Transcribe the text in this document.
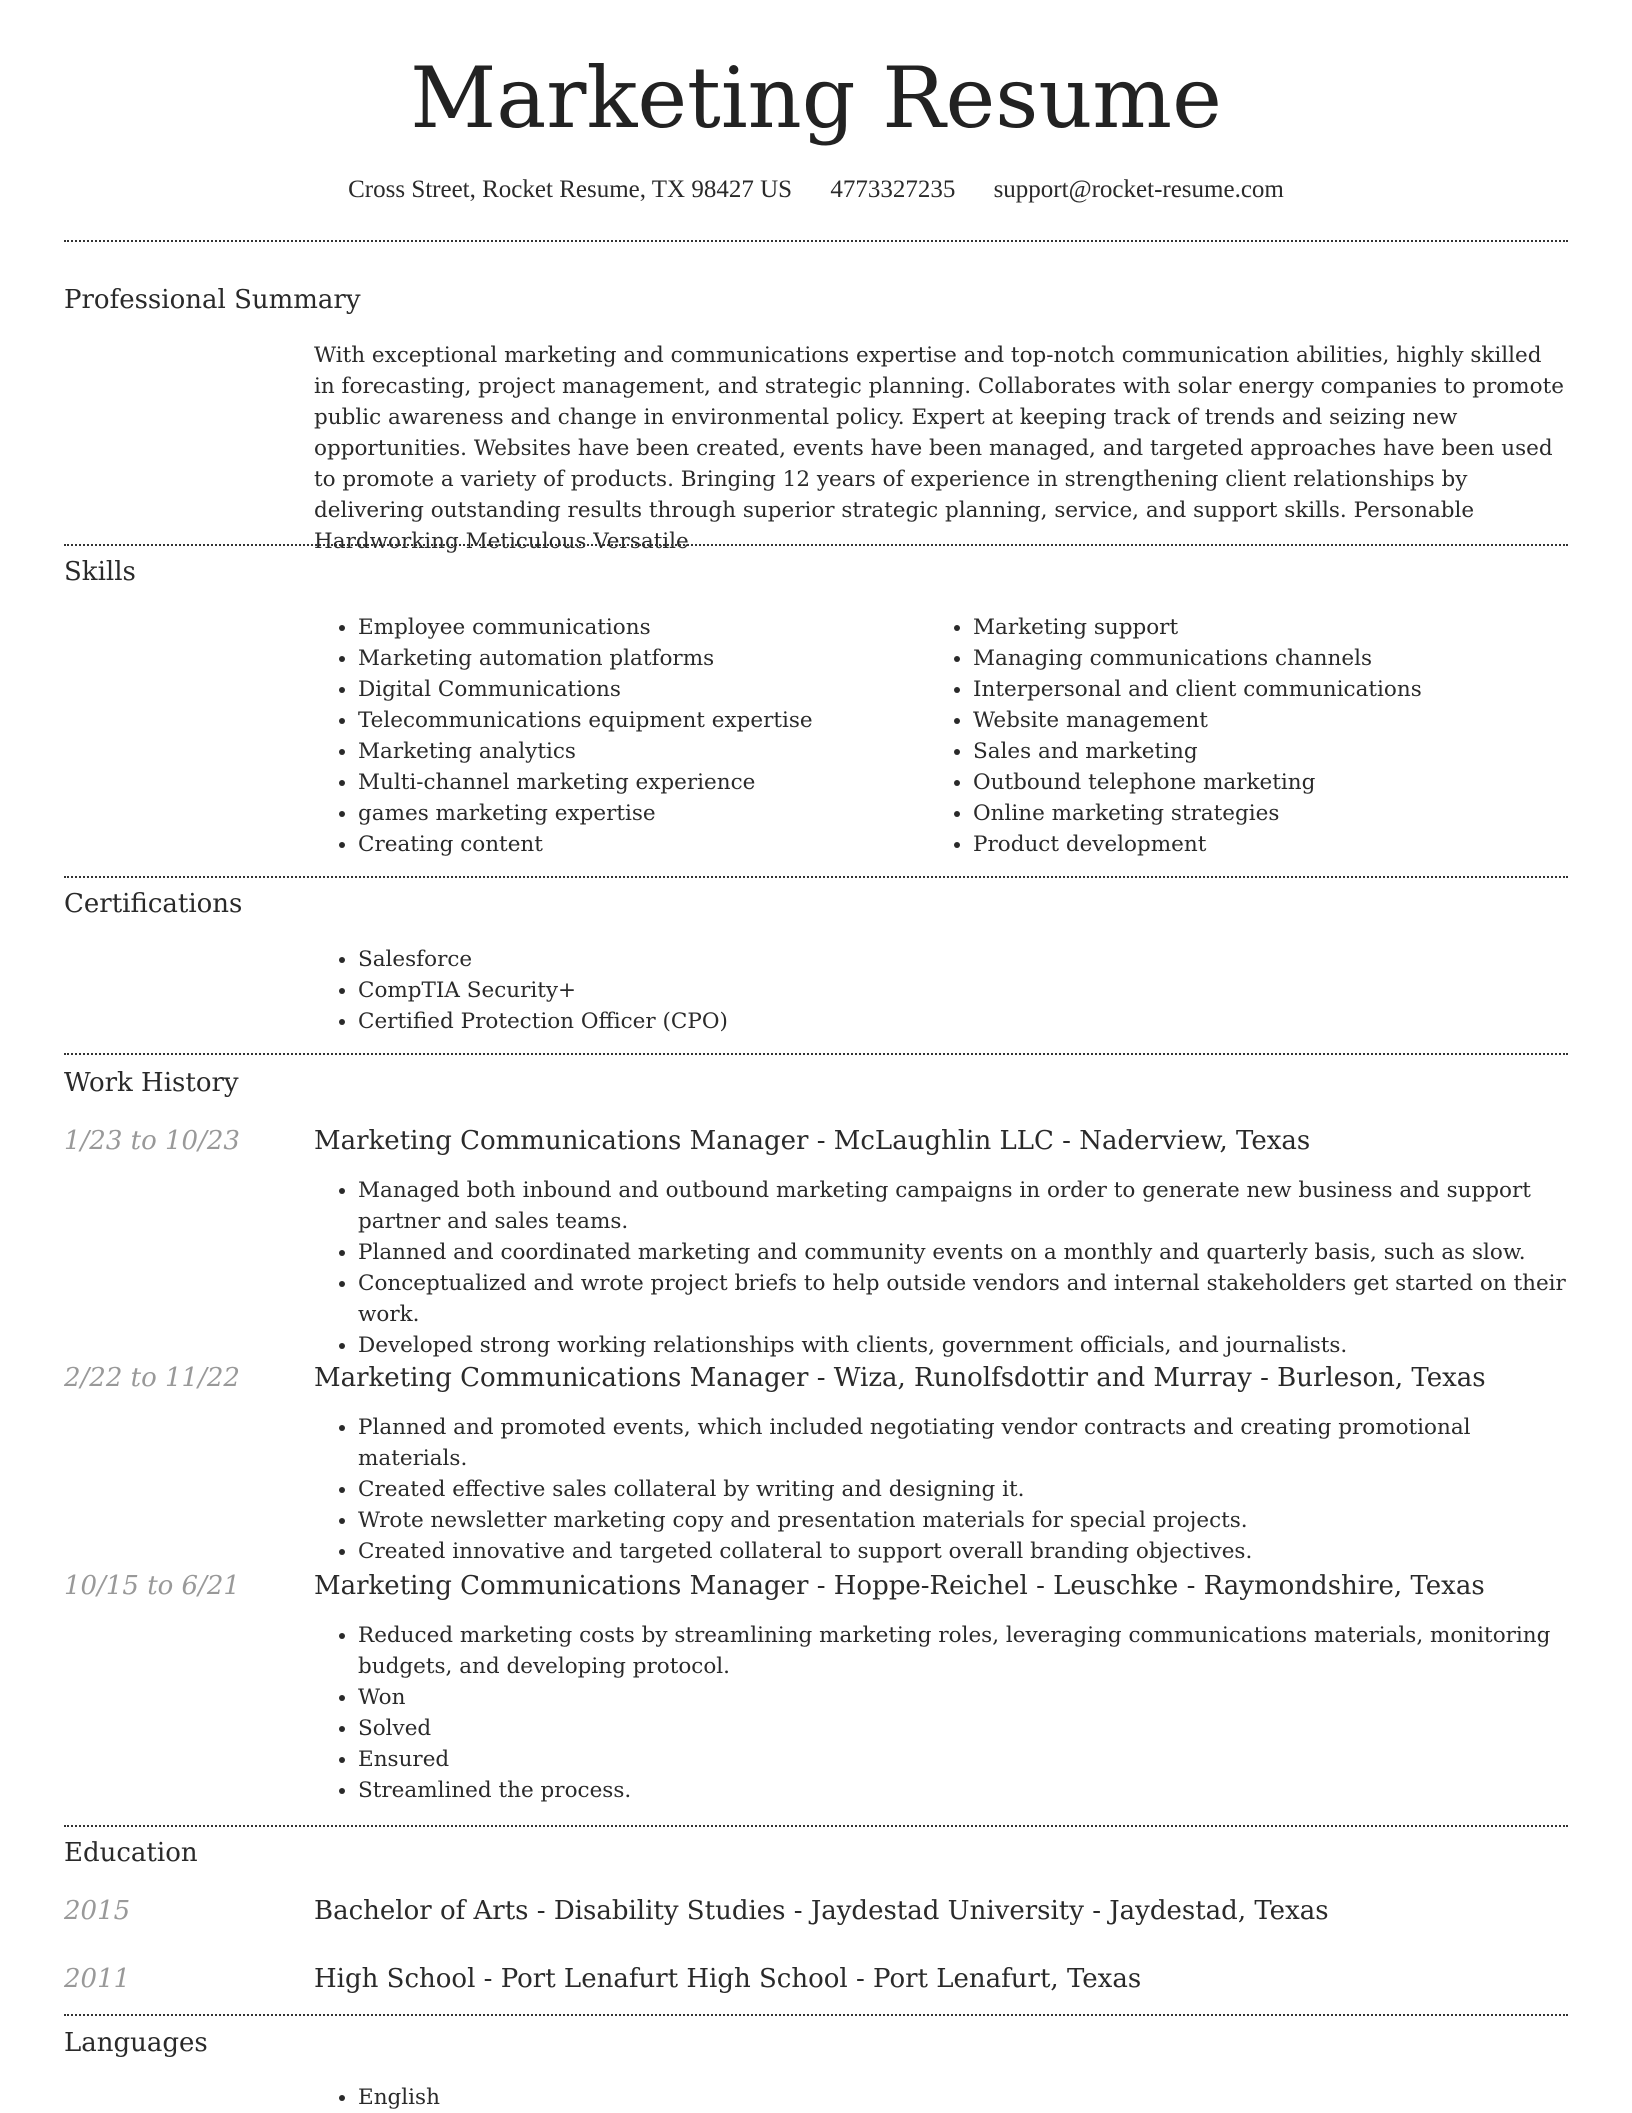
Marketing Resume
Cross Street, Rocket Resume, TX 98427 US 4773327235 support@rocket-resume.com
Professional Summary
With exceptional marketing and communications expertise and top-notch communication abilities, highly skilled in forecasting, project management, and strategic planning. Collaborates with solar energy companies to promote public awareness and change in environmental policy. Expert at keeping track of trends and seizing new opportunities. Websites have been created, events have been managed, and targeted approaches have been used to promote a variety of products. Bringing 12 years of experience in strengthening client relationships by delivering outstanding results through superior strategic planning, service, and support skills. Personable Hardworking Meticulous Versatile
Skills
• Employee communications
• Marketing automation platforms
• Digital Communications
• Telecommunications equipment expertise
• Marketing analytics
• Multi-channel marketing experience
• games marketing expertise
• Creating content
• Marketing support
• Managing communications channels
• Interpersonal and client communications
• Website management
• Sales and marketing
• Outbound telephone marketing
• Online marketing strategies
• Product development
Certifications
• Salesforce
• CompTIA Security+
• Certified Protection Officer (CPO)
Work History
1/23 to 10/23	Marketing Communications Manager - McLaughlin LLC - Naderview, Texas
• Managed both inbound and outbound marketing campaigns in order to generate new business and support partner and sales teams.
• Planned and coordinated marketing and community events on a monthly and quarterly basis, such as slow.
• Conceptualized and wrote project briefs to help outside vendors and internal stakeholders get started on their work.
• Developed strong working relationships with clients, government officials, and journalists.
2/22 to 11/22	Marketing Communications Manager - Wiza, Runolfsdottir and Murray - Burleson, Texas
• Planned and promoted events, which included negotiating vendor contracts and creating promotional materials.
• Created effective sales collateral by writing and designing it.
• Wrote newsletter marketing copy and presentation materials for special projects.
• Created innovative and targeted collateral to support overall branding objectives.
10/15 to 6/21	Marketing Communications Manager - Hoppe-Reichel - Leuschke - Raymondshire, Texas
• Reduced marketing costs by streamlining marketing roles, leveraging communications materials, monitoring budgets, and developing protocol.
• Won
• Solved
• Ensured
• Streamlined the process.
Education
2015	Bachelor of Arts - Disability Studies - Jaydestad University - Jaydestad, Texas
2011	High School - Port Lenafurt High School - Port Lenafurt, Texas
Languages
• English
